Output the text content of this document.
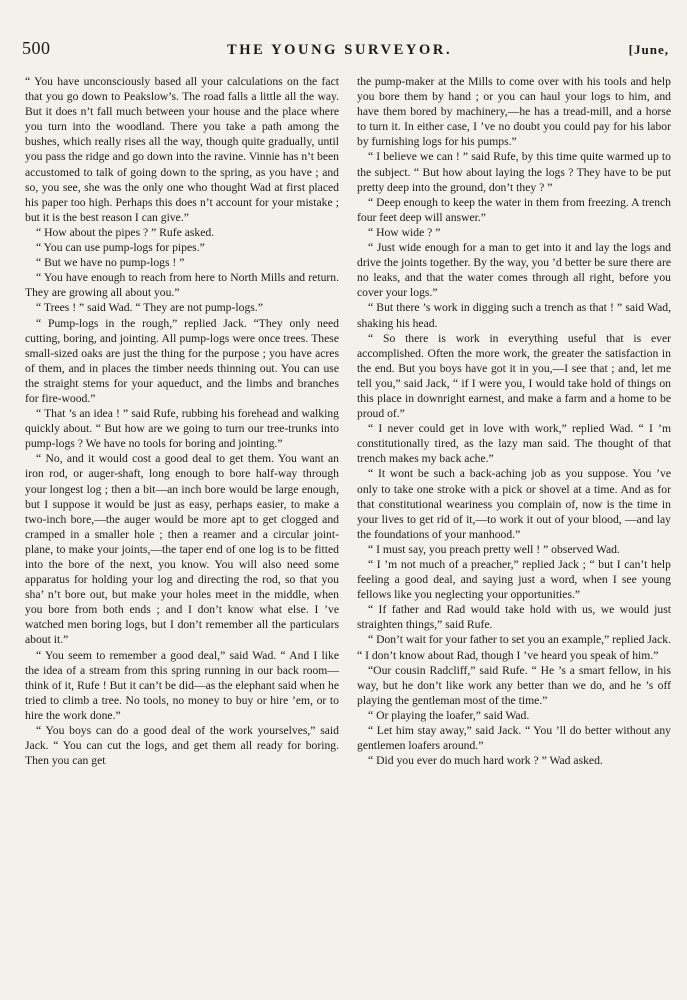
500	THE YOUNG SURVEYOR.	[June,

“ You have unconsciously based all your calculations on the fact that you go down to Peakslow’s. The road falls a little all the way. But it does n’t fall much between your house and the place where you turn into the woodland. There you take a path among the bushes, which really rises all the way, though quite gradually, until you pass the ridge and go down into the ravine. Vinnie has n’t been accustomed to talk of going down to the spring, as you have ; and so, you see, she was the only one who thought Wad at first placed his paper too high. Perhaps this does n’t account for your mistake ; but it is the best reason I can give.”

“ How about the pipes ? ” Rufe asked.

“ You can use pump-logs for pipes.”

“ But we have no pump-logs ! ”

“ You have enough to reach from here to North Mills and return. They are growing all about you.”

“ Trees ! ” said Wad. “ They are not pump-logs.”

“ Pump-logs in the rough,” replied Jack. “They only need cutting, boring, and jointing. All pump-logs were once trees. These small-sized oaks are just the thing for the purpose ; you have acres of them, and in places the timber needs thinning out. You can use the straight stems for your aqueduct, and the limbs and branches for fire-wood.”

“ That ’s an idea ! ” said Rufe, rubbing his forehead and walking quickly about. “ But how are we going to turn our tree-trunks into pump-logs ? We have no tools for boring and jointing.”

“ No, and it would cost a good deal to get them. You want an iron rod, or auger-shaft, long enough to bore half-way through your longest log ; then a bit—an inch bore would be large enough, but I suppose it would be just as easy, perhaps easier, to make a two-inch bore,—the auger would be more apt to get clogged and cramped in a smaller hole ; then a reamer and a circular joint-plane, to make your joints,—the taper end of one log is to be fitted into the bore of the next, you know. You will also need some apparatus for holding your log and directing the rod, so that you sha’ n’t bore out, but make your holes meet in the middle, when you bore from both ends ; and I don’t know what else. I ’ve watched men boring logs, but I don’t remember all the particulars about it.”

“ You seem to remember a good deal,” said Wad. “ And I like the idea of a stream from this spring running in our back room—think of it, Rufe ! But it can’t be did—as the elephant said when he tried to climb a tree. No tools, no money to buy or hire ’em, or to hire the work done.”

“ You boys can do a good deal of the work yourselves,” said Jack. “ You can cut the logs, and get them all ready for boring. Then you can get

the pump-maker at the Mills to come over with his tools and help you bore them by hand ; or you can haul your logs to him, and have them bored by machinery,—he has a tread-mill, and a horse to turn it. In either case, I ’ve no doubt you could pay for his labor by furnishing logs for his pumps.”

“ I believe we can ! ” said Rufe, by this time quite warmed up to the subject. “ But how about laying the logs ? They have to be put pretty deep into the ground, don’t they ? ”

“ Deep enough to keep the water in them from freezing. A trench four feet deep will answer.”

“ How wide ? ”

“ Just wide enough for a man to get into it and lay the logs and drive the joints together. By the way, you ’d better be sure there are no leaks, and that the water comes through all right, before you cover your logs.”

“ But there ’s work in digging such a trench as that ! ” said Wad, shaking his head.

“ So there is work in everything useful that is ever accomplished. Often the more work, the greater the satisfaction in the end. But you boys have got it in you,—I see that ; and, let me tell you,” said Jack, “ if I were you, I would take hold of things on this place in downright earnest, and make a farm and a home to be proud of.”

“ I never could get in love with work,” replied Wad. “ I ’m constitutionally tired, as the lazy man said. The thought of that trench makes my back ache.”

“ It wont be such a back-aching job as you suppose. You ’ve only to take one stroke with a pick or shovel at a time. And as for that constitutional weariness you complain of, now is the time in your lives to get rid of it,—to work it out of your blood, —and lay the foundations of your manhood.”

“ I must say, you preach pretty well ! ” observed Wad.

“ I ’m not much of a preacher,” replied Jack ; “ but I can’t help feeling a good deal, and saying just a word, when I see young fellows like you neglecting your opportunities.”

“ If father and Rad would take hold with us, we would just straighten things,” said Rufe.

“ Don’t wait for your father to set you an example,” replied Jack. “ I don’t know about Rad, though I ’ve heard you speak of him.”

“Our cousin Radcliff,” said Rufe. “ He ’s a smart fellow, in his way, but he don’t like work any better than we do, and he ’s off playing the gentleman most of the time.”

“ Or playing the loafer,” said Wad.

“ Let him stay away,” said Jack. “ You ’ll do better without any gentlemen loafers around.”

“ Did you ever do much hard work ? ” Wad asked.
